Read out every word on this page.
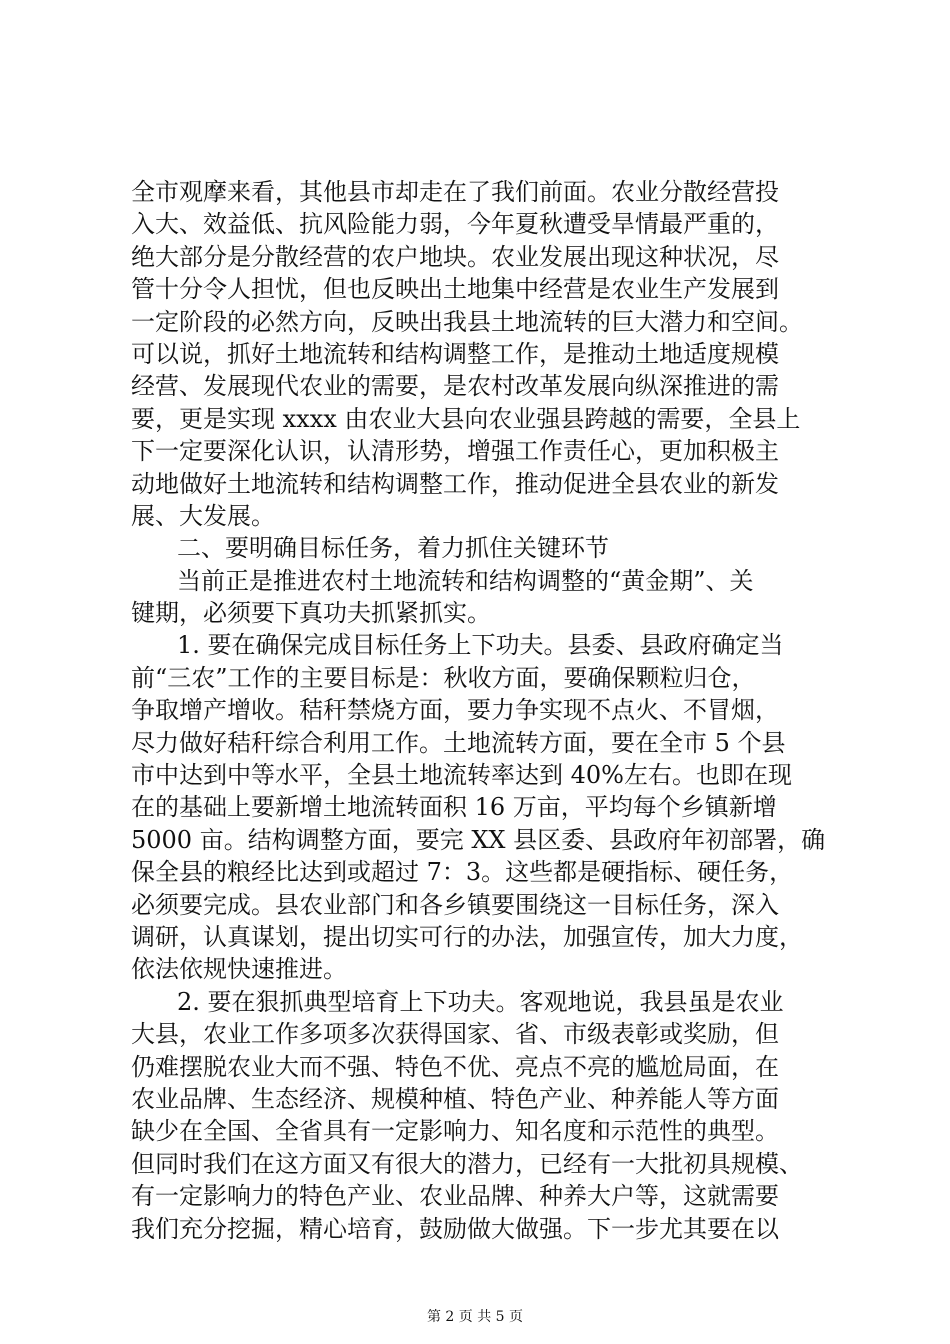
全市观摩来看，其他县市却走在了我们前面。农业分散经营投
入大、效益低、抗风险能力弱，今年夏秋遭受旱情最严重的，
绝大部分是分散经营的农户地块。农业发展出现这种状况，尽
管十分令人担忧，但也反映出土地集中经营是农业生产发展到
一定阶段的必然方向，反映出我县土地流转的巨大潜力和空间。
可以说，抓好土地流转和结构调整工作，是推动土地适度规模
经营、发展现代农业的需要，是农村改革发展向纵深推进的需
要，更是实现 xxxx 由农业大县向农业强县跨越的需要，全县上
下一定要深化认识，认清形势，增强工作责任心，更加积极主
动地做好土地流转和结构调整工作，推动促进全县农业的新发
展、大发展。
二、要明确目标任务，着力抓住关键环节
当前正是推进农村土地流转和结构调整的“黄金期”、关
键期，必须要下真功夫抓紧抓实。
1. 要在确保完成目标任务上下功夫。县委、县政府确定当
前“三农”工作的主要目标是：秋收方面，要确保颗粒归仓，
争取增产增收。秸秆禁烧方面，要力争实现不点火、不冒烟，
尽力做好秸秆综合利用工作。土地流转方面，要在全市 5 个县
市中达到中等水平，全县土地流转率达到 40%左右。也即在现
在的基础上要新增土地流转面积 16 万亩，平均每个乡镇新增
5000 亩。结构调整方面，要完 XX 县区委、县政府年初部署，确
保全县的粮经比达到或超过 7：3。这些都是硬指标、硬任务，
必须要完成。县农业部门和各乡镇要围绕这一目标任务，深入
调研，认真谋划，提出切实可行的办法，加强宣传，加大力度，
依法依规快速推进。
2. 要在狠抓典型培育上下功夫。客观地说，我县虽是农业
大县，农业工作多项多次获得国家、省、市级表彰或奖励，但
仍难摆脱农业大而不强、特色不优、亮点不亮的尴尬局面，在
农业品牌、生态经济、规模种植、特色产业、种养能人等方面
缺少在全国、全省具有一定影响力、知名度和示范性的典型。
但同时我们在这方面又有很大的潜力，已经有一大批初具规模、
有一定影响力的特色产业、农业品牌、种养大户等，这就需要
我们充分挖掘，精心培育，鼓励做大做强。下一步尤其要在以
第 2 页 共 5 页
